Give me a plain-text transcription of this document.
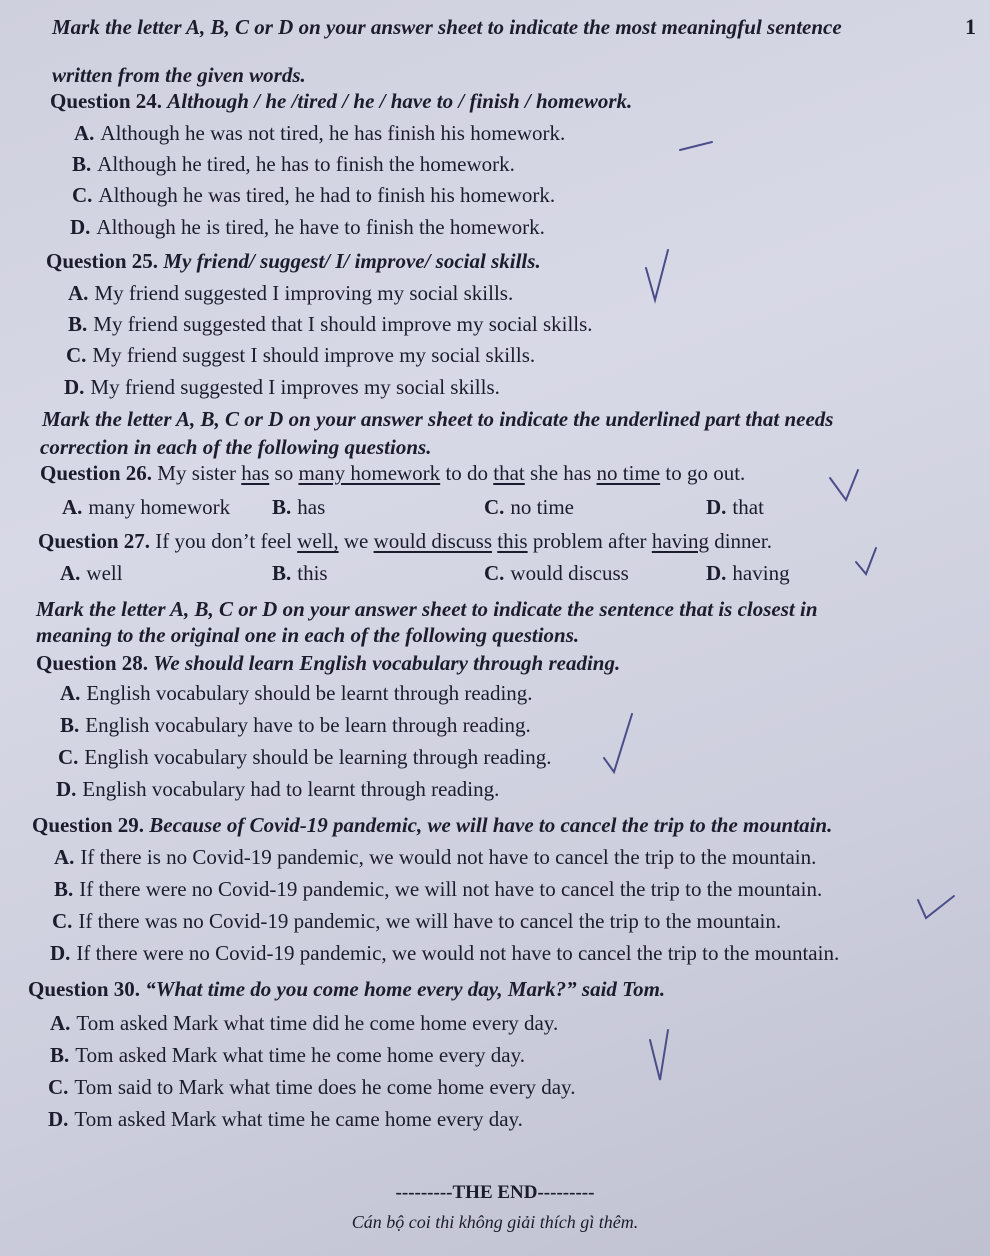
1
Mark the letter A, B, C or D on your answer sheet to indicate the most meaningful sentence
written from the given words.
Question 24. Although / he /tired / he / have to / finish / homework.
A. Although he was not tired, he has finish his homework.
B. Although he tired, he has to finish the homework.
C. Although he was tired, he had to finish his homework.
D. Although he is tired, he have to finish the homework.
Question 25. My friend/ suggest/ I/ improve/ social skills.
A. My friend suggested I improving my social skills.
B. My friend suggested that I should improve my social skills.
C. My friend suggest I should improve my social skills.
D. My friend suggested I improves my social skills.
Mark the letter A, B, C or D on your answer sheet to indicate the underlined part that needs
correction in each of the following questions.
Question 26. My sister has so many homework to do that she has no time to go out.
A. many homework B. has	C. no time	D. that
Question 27. If you don’t feel well, we would discuss this problem after having dinner.
A. well	B. this	C. would discuss	D. having
Mark the letter A, B, C or D on your answer sheet to indicate the sentence that is closest in
meaning to the original one in each of the following questions.
Question 28. We should learn English vocabulary through reading.
A. English vocabulary should be learnt through reading.
B. English vocabulary have to be learn through reading.
C. English vocabulary should be learning through reading.
D. English vocabulary had to learnt through reading.
Question 29. Because of Covid-19 pandemic, we will have to cancel the trip to the mountain.
A. If there is no Covid-19 pandemic, we would not have to cancel the trip to the mountain.
B. If there were no Covid-19 pandemic, we will not have to cancel the trip to the mountain.
C. If there was no Covid-19 pandemic, we will have to cancel the trip to the mountain.
D. If there were no Covid-19 pandemic, we would not have to cancel the trip to the mountain.
Question 30. “What time do you come home every day, Mark?” said Tom.
A. Tom asked Mark what time did he come home every day.
B. Tom asked Mark what time he come home every day.
C. Tom said to Mark what time does he come home every day.
D. Tom asked Mark what time he came home every day.
---------THE END---------
Cán bộ coi thi không giải thích gì thêm.
